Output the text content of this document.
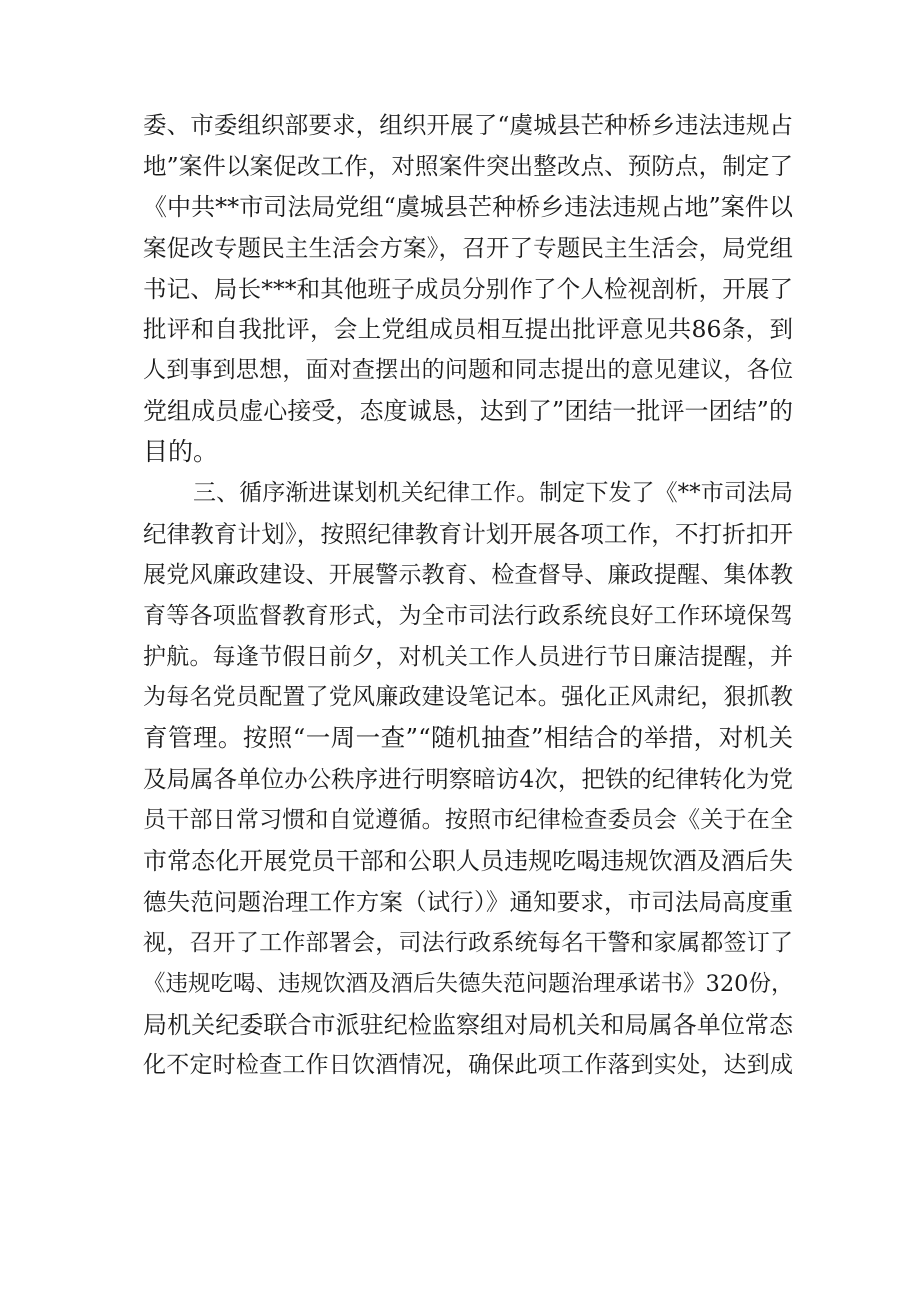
委、市委组织部要求，组织开展了“虞城县芒种桥乡违法违规占
地”案件以案促改工作，对照案件突出整改点、预防点，制定了
《中共**市司法局党组“虞城县芒种桥乡违法违规占地”案件以
案促改专题民主生活会方案》，召开了专题民主生活会，局党组
书记、局长***和其他班子成员分别作了个人检视剖析，开展了
批评和自我批评，会上党组成员相互提出批评意见共86条，到
人到事到思想，面对查摆出的问题和同志提出的意见建议，各位
党组成员虚心接受，态度诚恳，达到了”团结一批评一团结”的
目的。
三、循序渐进谋划机关纪律工作。制定下发了《**市司法局
纪律教育计划》，按照纪律教育计划开展各项工作，不打折扣开
展党风廉政建设、开展警示教育、检查督导、廉政提醒、集体教
育等各项监督教育形式，为全市司法行政系统良好工作环境保驾
护航。每逢节假日前夕，对机关工作人员进行节日廉洁提醒，并
为每名党员配置了党风廉政建设笔记本。强化正风肃纪，狠抓教
育管理。按照“一周一查”“随机抽查”相结合的举措，对机关
及局属各单位办公秩序进行明察暗访4次，把铁的纪律转化为党
员干部日常习惯和自觉遵循。按照市纪律检查委员会《关于在全
市常态化开展党员干部和公职人员违规吃喝违规饮酒及酒后失
德失范问题治理工作方案（试行）》通知要求，市司法局高度重
视，召开了工作部署会，司法行政系统每名干警和家属都签订了
《违规吃喝、违规饮酒及酒后失德失范问题治理承诺书》320份，
局机关纪委联合市派驻纪检监察组对局机关和局属各单位常态
化不定时检查工作日饮酒情况，确保此项工作落到实处，达到成
